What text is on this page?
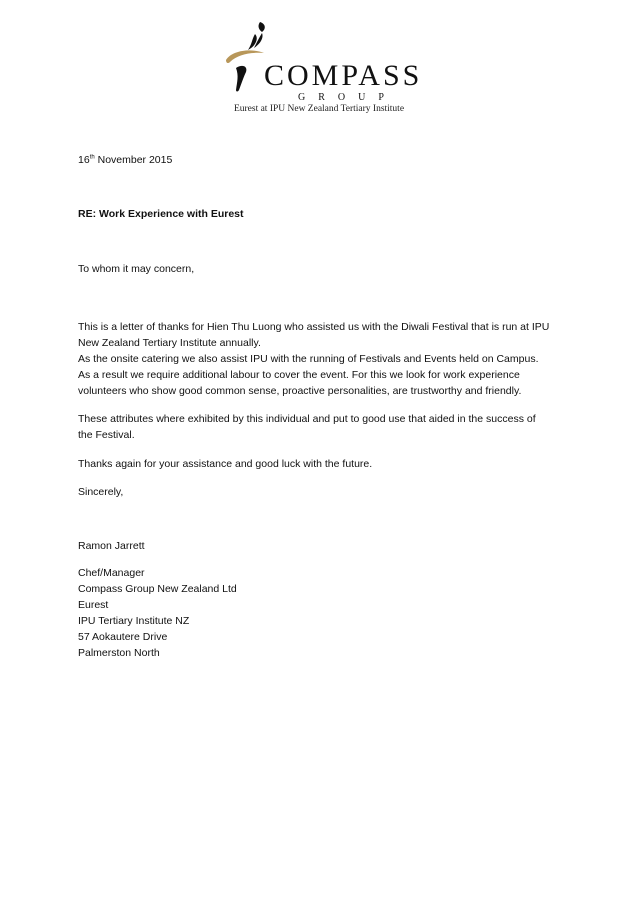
COMPASS
GROUP
Eurest at IPU New Zealand Tertiary Institute

16th November 2015

RE: Work Experience with Eurest

To whom it may concern,

This is a letter of thanks for Hien Thu Luong who assisted us with the Diwali Festival that is run at IPU
New Zealand Tertiary Institute annually.
As the onsite catering we also assist IPU with the running of Festivals and Events held on Campus.
As a result we require additional labour to cover the event. For this we look for work experience
volunteers who show good common sense, proactive personalities, are trustworthy and friendly.

These attributes where exhibited by this individual and put to good use that aided in the success of
the Festival.

Thanks again for your assistance and good luck with the future.

Sincerely,

Ramon Jarrett

Chef/Manager
Compass Group New Zealand Ltd
Eurest
IPU Tertiary Institute NZ
57 Aokautere Drive
Palmerston North
